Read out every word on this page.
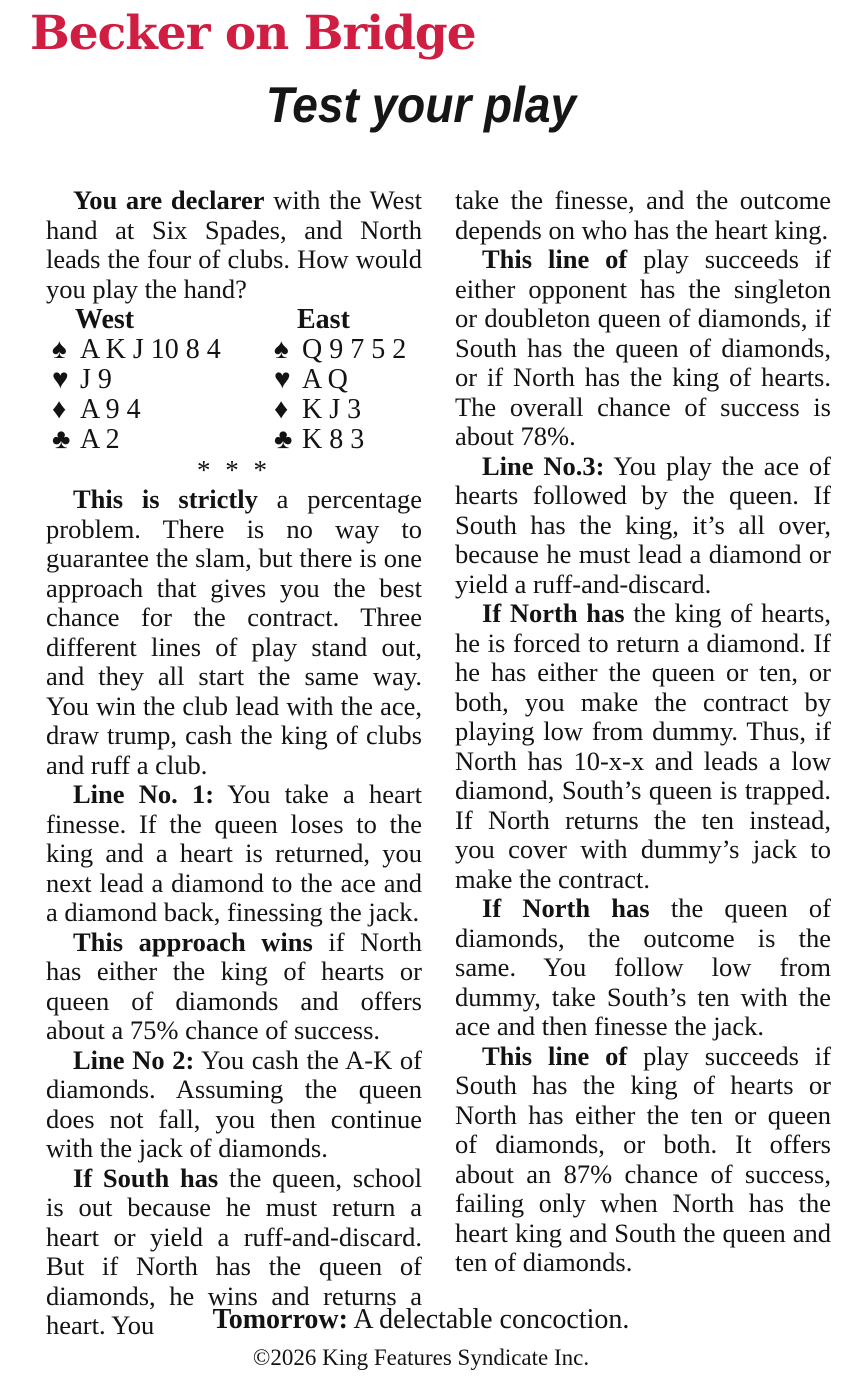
Becker on Bridge
Test your play

You are declarer with the West hand at Six Spades, and North leads the four of clubs. How would you play the hand?

West
♠ A K J 10 8 4
♥ J 9
♦ A 9 4
♣ A 2
East
♠ Q 9 7 5 2
♥ A Q
♦ K J 3
♣ K 8 3
* * *

This is strictly a percentage problem. There is no way to guarantee the slam, but there is one approach that gives you the best chance for the contract. Three different lines of play stand out, and they all start the same way. You win the club lead with the ace, draw trump, cash the king of clubs and ruff a club.

Line No. 1: You take a heart finesse. If the queen loses to the king and a heart is returned, you next lead a diamond to the ace and a diamond back, finessing the jack.

This approach wins if North has either the king of hearts or queen of diamonds and offers about a 75% chance of success.

Line No 2: You cash the A-K of diamonds. Assuming the queen does not fall, you then continue with the jack of diamonds.

If South has the queen, school is out because he must return a heart or yield a ruff-and-discard. But if North has the queen of diamonds, he wins and returns a heart. You

take the finesse, and the outcome depends on who has the heart king.

This line of play succeeds if either opponent has the singleton or doubleton queen of diamonds, if South has the queen of diamonds, or if North has the king of hearts. The overall chance of success is about 78%.

Line No.3: You play the ace of hearts followed by the queen. If South has the king, it’s all over, because he must lead a diamond or yield a ruff-and-discard.

If North has the king of hearts, he is forced to return a diamond. If he has either the queen or ten, or both, you make the contract by playing low from dummy. Thus, if North has 10-x-x and leads a low diamond, South’s queen is trapped. If North returns the ten instead, you cover with dummy’s jack to make the contract.

If North has the queen of diamonds, the outcome is the same. You follow low from dummy, take South’s ten with the ace and then finesse the jack.

This line of play succeeds if South has the king of hearts or North has either the ten or queen of diamonds, or both. It offers about an 87% chance of success, failing only when North has the heart king and South the queen and ten of diamonds.

Tomorrow: A delectable concoction.

©2026 King Features Syndicate Inc.
